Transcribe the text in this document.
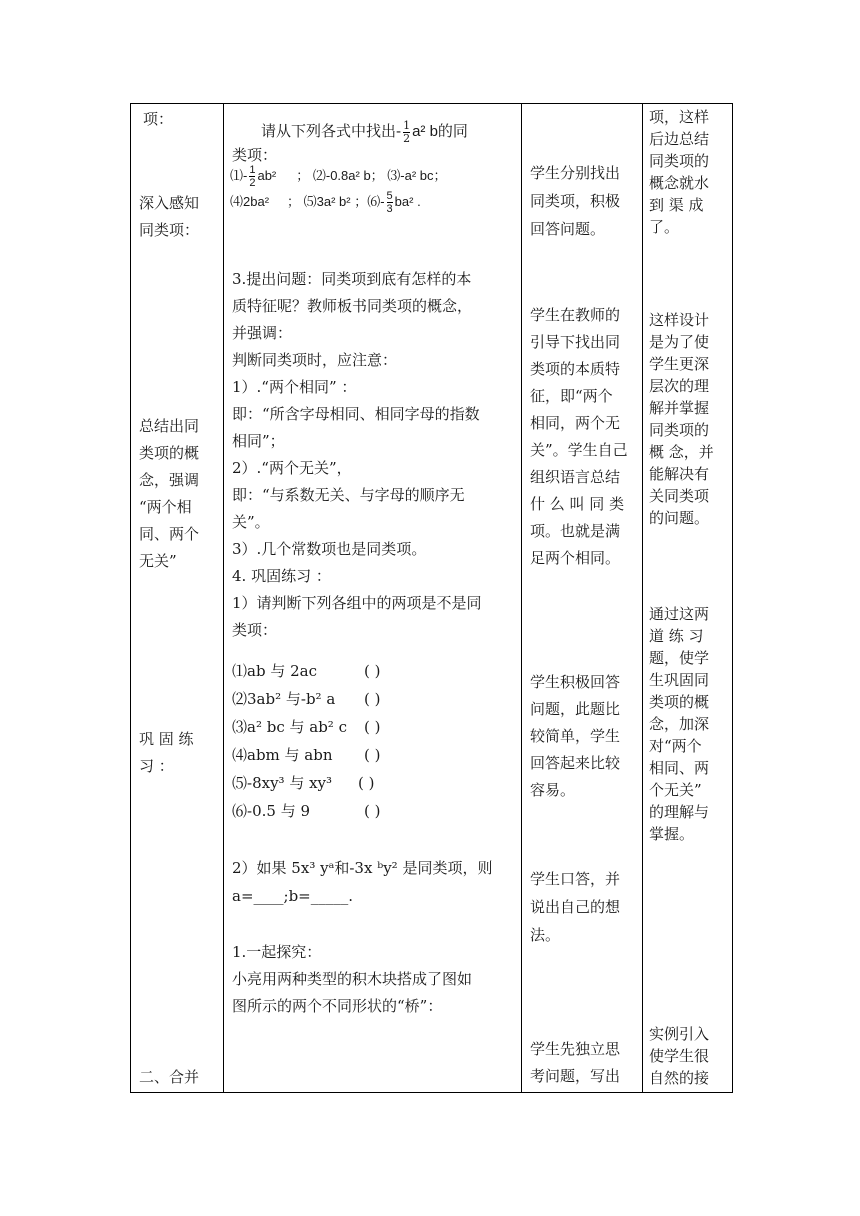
项：
深入感知
同类项：
总结出同
类项的概
念，强调
“两个相
同、两个
无关”
巩 固 练
习 ：
二、合并

请从下列各式中找出- $\frac{1}{2} a^2$ b的同
类项：
⑴- $\frac{1}{2} ab^2$ ； ⑵-0.8a² b； ⑶-a² bc；
⑷2ba² ； ⑸3a² b² ；⑹- $\frac{5}{3} ba^2$ .
3.提出问题：同类项到底有怎样的本
质特征呢？教师板书同类项的概念，
并强调：
判断同类项时，应注意：
1）.“两个相同” ：
即：“所含字母相同、相同字母的指数
相同”；
2）.“两个无关”，
即：“与系数无关、与字母的顺序无
关”。
3）.几个常数项也是同类项。
4. 巩固练习 ：
1）请判断下列各组中的两项是不是同
类项：
⑴ab 与 2ac	( )
⑵3ab² 与-b² a ( )
⑶a² bc 与 ab² c ( )
⑷abm 与 abn ( )
⑸-8xy³ 与 xy³ ( )
⑹-0.5 与 9	( )
2）如果 5x³ yᵃ和-3x ᵇy² 是同类项，则
a=____;b=_____.
1.一起探究：
小亮用两种类型的积木块搭成了图如
图所示的两个不同形状的“桥”：

学生分别找出
同类项，积极
回答问题。
学生在教师的
引导下找出同
类项的本质特
征，即“两个
相同，两个无
关”。学生自己
组织语言总结
什 么 叫 同 类
项。也就是满
足两个相同。
学生积极回答
问题，此题比
较简单，学生
回答起来比较
容易。
学生口答，并
说出自己的想
法。
学生先独立思
考问题，写出

项，这样
后边总结
同类项的
概念就水
到 渠 成
了。
这样设计
是为了使
学生更深
层次的理
解并掌握
同类项的
概 念，并
能解决有
关同类项
的问题。
通过这两
道 练 习
题，使学
生巩固同
类项的概
念，加深
对“两个
相同、两
个无关”
的理解与
掌握。
实例引入
使学生很
自然的接
